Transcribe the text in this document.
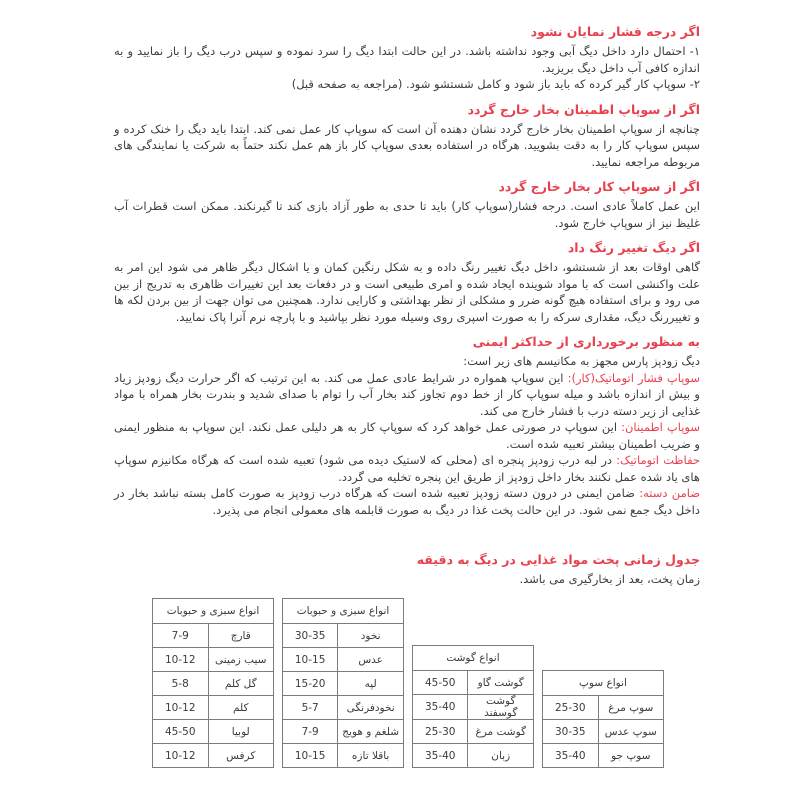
اگر درجه فشار نمایان نشود

۱- احتمال دارد داخل دیگ آبی وجود نداشته باشد. در این حالت ابتدا دیگ را سرد نموده و سپس درب دیگ را باز نمایید و به اندازه کافی آب داخل دیگ بریزید.

۲- سوپاپ کار گیر کرده که باید باز شود و کامل شستشو شود. (مراجعه به صفحه قبل)

اگر از سوپاپ اطمینان بخار خارج گردد

چنانچه از سوپاپ اطمینان بخار خارج گردد نشان دهنده آن است که سوپاپ کار عمل نمی کند. ابتدا باید دیگ را خنک کرده و سپس سوپاپ کار را به دقت بشویید. هرگاه در استفاده بعدی سوپاپ کار باز هم عمل نکند حتماً به شرکت یا نمایندگی های مربوطه مراجعه نمایید.

اگر از سوپاپ کار بخار خارج گردد

این عمل کاملاً عادی است. درجه فشار(سوپاپ کار) باید تا حدی به طور آزاد بازی کند تا گیرنکند. ممکن است قطرات آب غلیظ نیز از سوپاپ خارج شود.

اگر دیگ تغییر رنگ داد

گاهی اوقات بعد از شستشو، داخل دیگ تغییر رنگ داده و به شکل رنگین کمان و یا اشکال دیگر ظاهر می شود این امر به علت واکنشی است که با مواد شوینده ایجاد شده و امری طبیعی است و در دفعات بعد این تغییرات ظاهری به تدریج از بین می رود و برای استفاده هیچ گونه ضرر و مشکلی از نظر بهداشتی و کارایی ندارد. همچنین می توان جهت از بین بردن لکه ها و تغییررنگ دیگ، مقداری سرکه را به صورت اسپری روی وسیله مورد نظر بپاشید و با پارچه نرم آنرا پاک نمایید.

به منظور برخورداری از حداکثر ایمنی

دیگ زودپز پارس مجهز به مکانیسم های زیر است:

سوپاپ فشار اتوماتیک(کار): این سوپاپ همواره در شرایط عادی عمل می کند. به این ترتیب که اگر حرارت دیگ زودپز زیاد و بیش از اندازه باشد و میله سوپاپ کار از خط دوم تجاوز کند بخار آب را توام با صدای شدید و بندرت بخار همراه با مواد غذایی از زیر دسته درب با فشار خارج می کند.

سوپاپ اطمینان: این سوپاپ در صورتی عمل خواهد کرد که سوپاپ کار به هر دلیلی عمل نکند. این سوپاپ به منظور ایمنی و ضریب اطمینان بیشتر تعبیه شده است.

حفاظت اتوماتیک: در لبه درب زودپز پنجره ای (محلی که لاستیک دیده می شود) تعبیه شده است که هرگاه مکانیزم سوپاپ های یاد شده عمل نکنند بخار داخل زودپز از طریق این پنجره تخلیه می گردد.

ضامن دسته: ضامن ایمنی در درون دسته زودپز تعبیه شده است که هرگاه درب زودپز به صورت کامل بسته نباشد بخار در داخل دیگ جمع نمی شود. در این حالت پخت غذا در دیگ به صورت قابلمه های معمولی انجام می پذیرد.

جدول زمانی پخت مواد غذایی در دیگ به دقیقه

زمان پخت، بعد از بخارگیری می باشد.

انواع سوپ	
سوپ مرغ	25-30
سوپ عدس	30-35
سوپ جو	35-40
انواع گوشت	
گوشت گاو	45-50
گوشت گوسفند	35-40
گوشت مرغ	25-30
زبان	35-40
انواع سبزی و حبوبات	
نخود	30-35
عدس	10-15
لپه	15-20
نخودفرنگی	5-7
شلغم و هویج	7-9
باقلا تازه	10-15
انواع سبزی و حبوبات	
قارچ	7-9
سیب زمینی	10-12
گل کلم	5-8
کلم	10-12
لوبیا	45-50
کرفس	10-12
